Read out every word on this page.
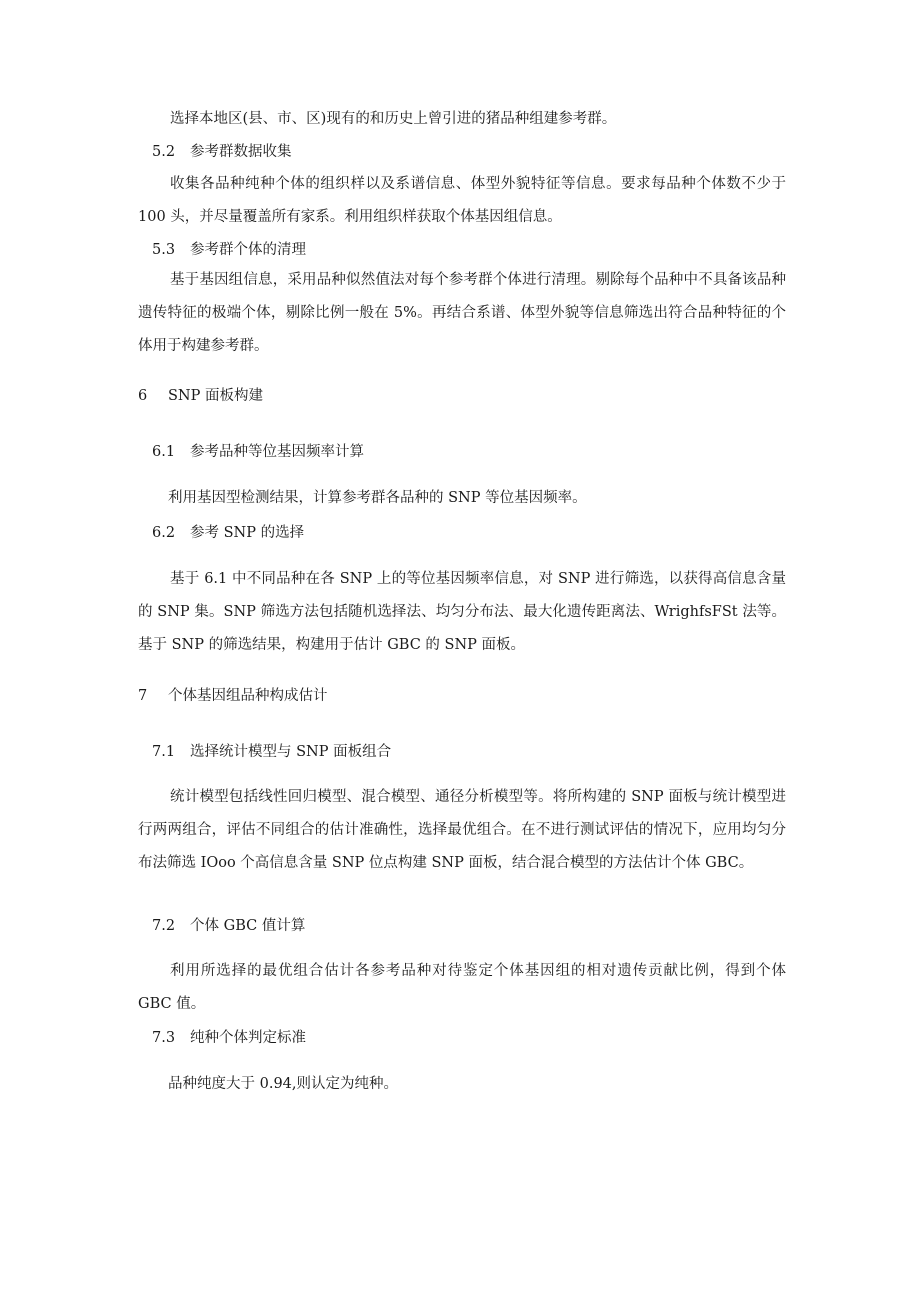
选择本地区(县、市、区)现有的和历史上曾引进的猪品种组建参考群。
5.2 参考群数据收集
收集各品种纯种个体的组织样以及系谱信息、体型外貌特征等信息。要求每品种个体数不少于 100 头，并尽量覆盖所有家系。利用组织样获取个体基因组信息。
5.3 参考群个体的清理
基于基因组信息，采用品种似然值法对每个参考群个体进行清理。剔除每个品种中不具备该品种遗传特征的极端个体，剔除比例一般在 5%。再结合系谱、体型外貌等信息筛选出符合品种特征的个体用于构建参考群。
6 SNP 面板构建
6.1 参考品种等位基因频率计算
利用基因型检测结果，计算参考群各品种的 SNP 等位基因频率。
6.2 参考 SNP 的选择
基于 6.1 中不同品种在各 SNP 上的等位基因频率信息，对 SNP 进行筛选，以获得高信息含量的 SNP 集。SNP 筛选方法包括随机选择法、均匀分布法、最大化遗传距离法、WrighfsFSt 法等。基于 SNP 的筛选结果，构建用于估计 GBC 的 SNP 面板。
7 个体基因组品种构成估计
7.1 选择统计模型与 SNP 面板组合
统计模型包括线性回归模型、混合模型、通径分析模型等。将所构建的 SNP 面板与统计模型进行两两组合，评估不同组合的估计准确性，选择最优组合。在不进行测试评估的情况下，应用均匀分布法筛选 IOoo 个高信息含量 SNP 位点构建 SNP 面板，结合混合模型的方法估计个体 GBC。
7.2 个体 GBC 值计算
利用所选择的最优组合估计各参考品种对待鉴定个体基因组的相对遗传贡献比例，得到个体 GBC 值。
7.3 纯种个体判定标准
品种纯度大于 0.94,则认定为纯种。
